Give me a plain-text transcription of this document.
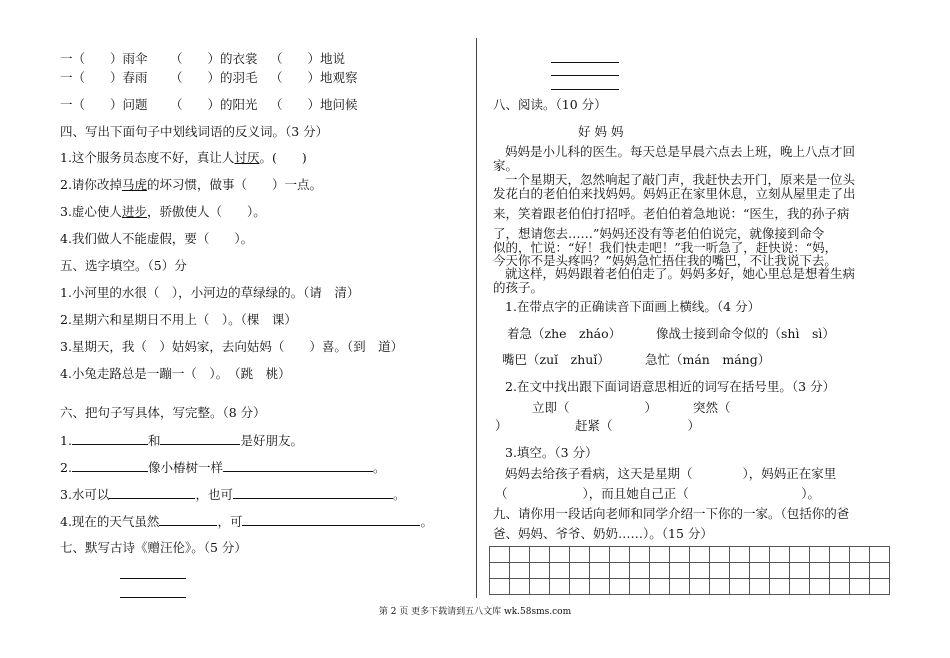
一（　　）雨伞 （　　）的衣裳 （　　）地说
一（　　）春雨 （　　）的羽毛 （　　）地观察
一（　　）问题 （　　）的阳光 （　　）地问候
四、写出下面句子中划线词语的反义词。（3 分）
1.这个服务员态度不好，真让人讨厌。(　　)
2.请你改掉马虎的坏习惯，做事（　　）一点。
3.虚心使人进步，骄傲使人（　　）。
4.我们做人不能虚假，要（　　）。
五、选字填空。（5）分
1.小河里的水很（　），小河边的草绿绿的。（请　清）
2.星期六和星期日不用上（　）。（棵　课）
3.星期天，我（　）姑妈家，去向姑妈（　　）喜。（到　道）
4.小兔走路总是一蹦一（　）。　（跳　桃）
六、把句子写具体，写完整。（8 分）
1.	和	是好朋友。
2.	像小椿树一样	。
3.水可以	，也可	。
4.现在的天气虽然	，可	。
七、默写古诗《赠汪伦》。（5 分）
八、阅读。（10 分）
好 妈 妈
妈妈是小儿科的医生。每天总是早晨六点去上班，晚上八点才回
家。
一个星期天，忽然响起了敲门声，我赶快去开门，原来是一位头
发花白的老伯伯来找妈妈。妈妈正在家里休息，立刻从屋里走了出
来，笑着跟老伯伯打招呼。老伯伯着急地说：“医生，我的孙子病
了，想请您去……”妈妈还没有等老伯伯说完，就像接到命令
似的，忙说：“好！我们快走吧！”我一听急了，赶快说：“妈，
今天你不是头疼吗？”妈妈急忙捂住我的嘴巴，不让我说下去。
就这样，妈妈跟着老伯伯走了。妈妈多好，她心里总是想着生病
的孩子。
1.在带点字的正确读音下面画上横线。（4 分）
着急（zhe　zháo）	像战士接到命令似的（shì　sì）
嘴巴（zuǐ　zhuǐ）	急忙（mán　máng）
2.在文中找出跟下面词语意思相近的词写在括号里。（3 分）
立即（　　　　　　）	突然（　　　　　　
）	赶紧（　　　　　　）
3.填空。（3 分）
妈妈去给孩子看病，这天是星期（　　　　），妈妈正在家里
（　　　　　　），而且她自己正（　　　　　　　　　）。
九、请你用一段话向老师和同学介绍一下你的一家。（包括你的爸
爸、妈妈、爷爷、奶奶……）。（15 分）

第 2 页 更多下载请到五八文库 wk.58sms.com
